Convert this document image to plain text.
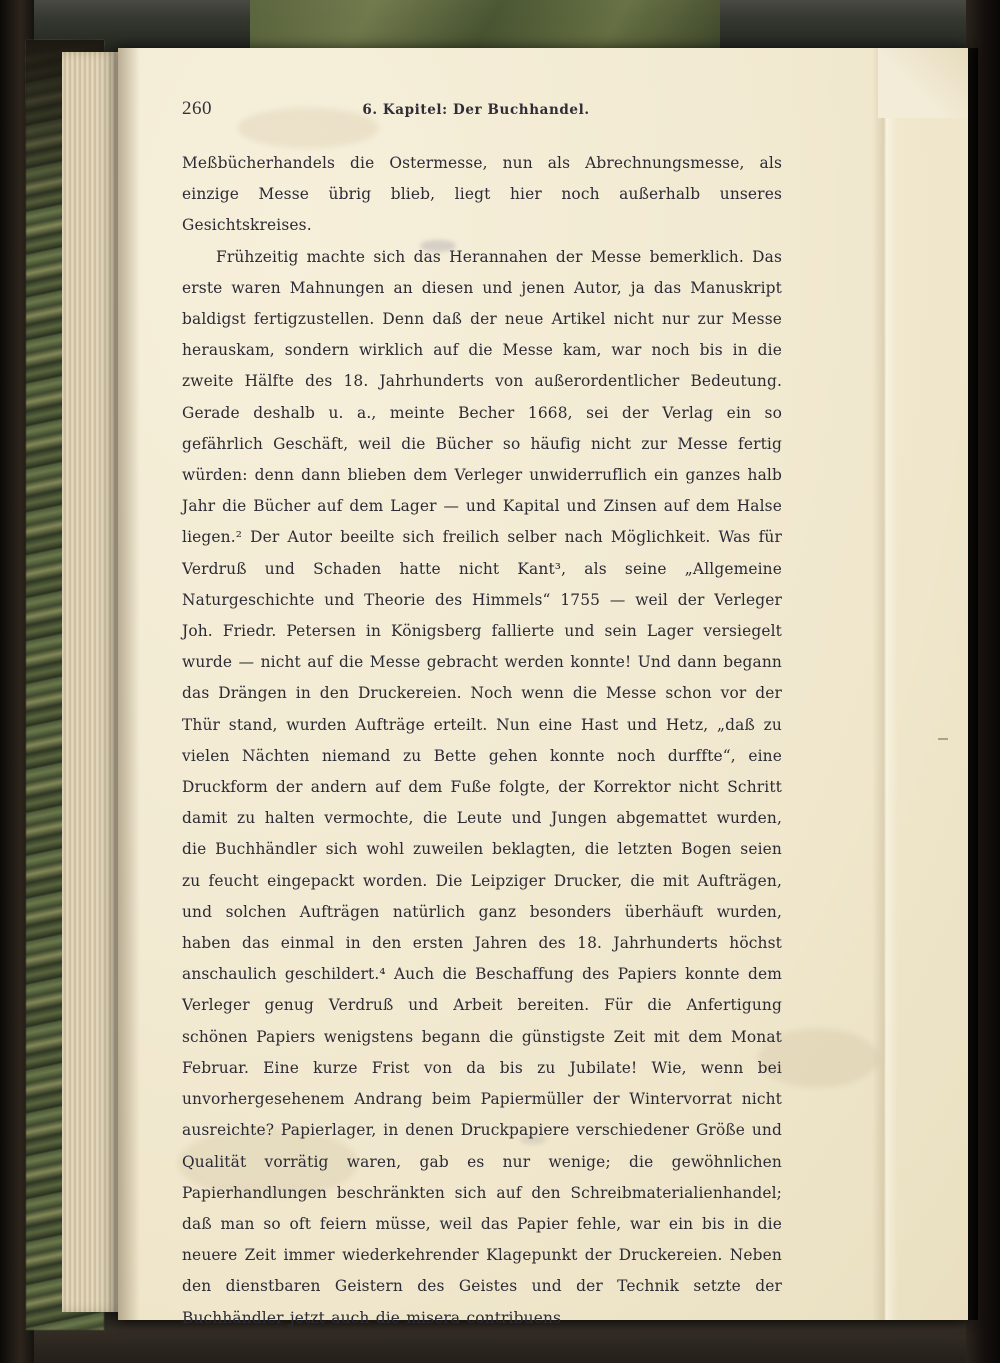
260	6. Kapitel: Der Buchhandel.

Meßbücherhandels die Ostermesse, nun als Abrechnungsmesse, als einzige Messe übrig blieb, liegt hier noch außerhalb unseres Gesichtskreises.

Frühzeitig machte sich das Herannahen der Messe bemerklich. Das erste waren Mahnungen an diesen und jenen Autor, ja das Manuskript baldigst fertigzustellen. Denn daß der neue Artikel nicht nur zur Messe herauskam, sondern wirklich auf die Messe kam, war noch bis in die zweite Hälfte des 18. Jahrhunderts von außerordentlicher Bedeutung. Gerade deshalb u. a., meinte Becher 1668, sei der Verlag ein so gefährlich Geschäft, weil die Bücher so häufig nicht zur Messe fertig würden: denn dann blieben dem Verleger unwiderruflich ein ganzes halb Jahr die Bücher auf dem Lager — und Kapital und Zinsen auf dem Halse liegen.² Der Autor beeilte sich freilich selber nach Möglichkeit. Was für Verdruß und Schaden hatte nicht Kant³, als seine „Allgemeine Naturgeschichte und Theorie des Himmels“ 1755 — weil der Verleger Joh. Friedr. Petersen in Königsberg fallierte und sein Lager versiegelt wurde — nicht auf die Messe gebracht werden konnte! Und dann begann das Drängen in den Druckereien. Noch wenn die Messe schon vor der Thür stand, wurden Aufträge erteilt. Nun eine Hast und Hetz, „daß zu vielen Nächten niemand zu Bette gehen konnte noch durffte“, eine Druckform der andern auf dem Fuße folgte, der Korrektor nicht Schritt damit zu halten vermochte, die Leute und Jungen abgemattet wurden, die Buchhändler sich wohl zuweilen beklagten, die letzten Bogen seien zu feucht eingepackt worden. Die Leipziger Drucker, die mit Aufträgen, und solchen Aufträgen natürlich ganz besonders überhäuft wurden, haben das einmal in den ersten Jahren des 18. Jahrhunderts höchst anschaulich geschildert.⁴ Auch die Beschaffung des Papiers konnte dem Verleger genug Verdruß und Arbeit bereiten. Für die Anfertigung schönen Papiers wenigstens begann die günstigste Zeit mit dem Monat Februar. Eine kurze Frist von da bis zu Jubilate! Wie, wenn bei unvorhergesehenem Andrang beim Papiermüller der Wintervorrat nicht ausreichte? Papierlager, in denen Druckpapiere verschiedener Größe und Qualität vorrätig waren, gab es nur wenige; die gewöhnlichen Papierhandlungen beschränkten sich auf den Schreibmaterialienhandel; daß man so oft feiern müsse, weil das Papier fehle, war ein bis in die neuere Zeit immer wiederkehrender Klagepunkt der Druckereien. Neben den dienstbaren Geistern des Geistes und der Technik setzte der Buchhändler jetzt auch die misera contribuens
